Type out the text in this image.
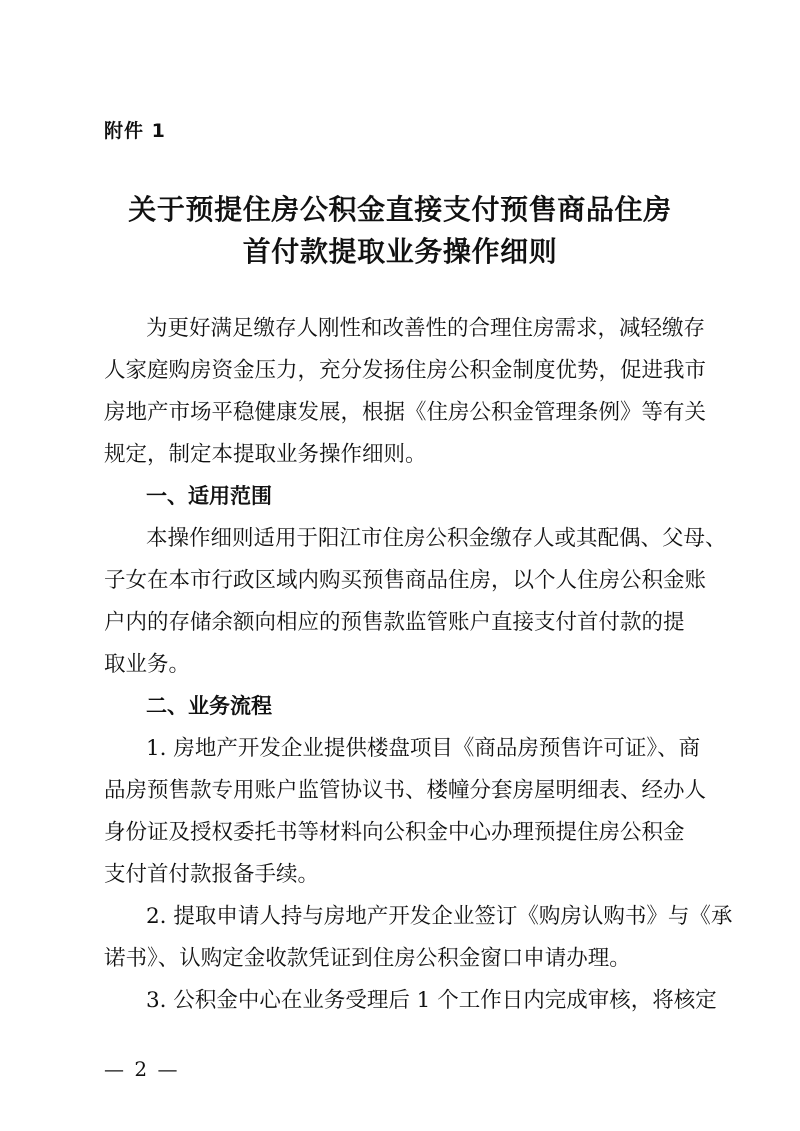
附件 1
关于预提住房公积金直接支付预售商品住房
首付款提取业务操作细则
为更好满足缴存人刚性和改善性的合理住房需求，减轻缴存
人家庭购房资金压力，充分发扬住房公积金制度优势，促进我市
房地产市场平稳健康发展，根据《住房公积金管理条例》等有关
规定，制定本提取业务操作细则。
一、适用范围
本操作细则适用于阳江市住房公积金缴存人或其配偶、父母、
子女在本市行政区域内购买预售商品住房，以个人住房公积金账
户内的存储余额向相应的预售款监管账户直接支付首付款的提
取业务。
二、业务流程
1. 房地产开发企业提供楼盘项目《商品房预售许可证》、商
品房预售款专用账户监管协议书、楼幢分套房屋明细表、经办人
身份证及授权委托书等材料向公积金中心办理预提住房公积金
支付首付款报备手续。
2. 提取申请人持与房地产开发企业签订《购房认购书》与《承
诺书》、认购定金收款凭证到住房公积金窗口申请办理。
3. 公积金中心在业务受理后 1 个工作日内完成审核，将核定
— 2 —
